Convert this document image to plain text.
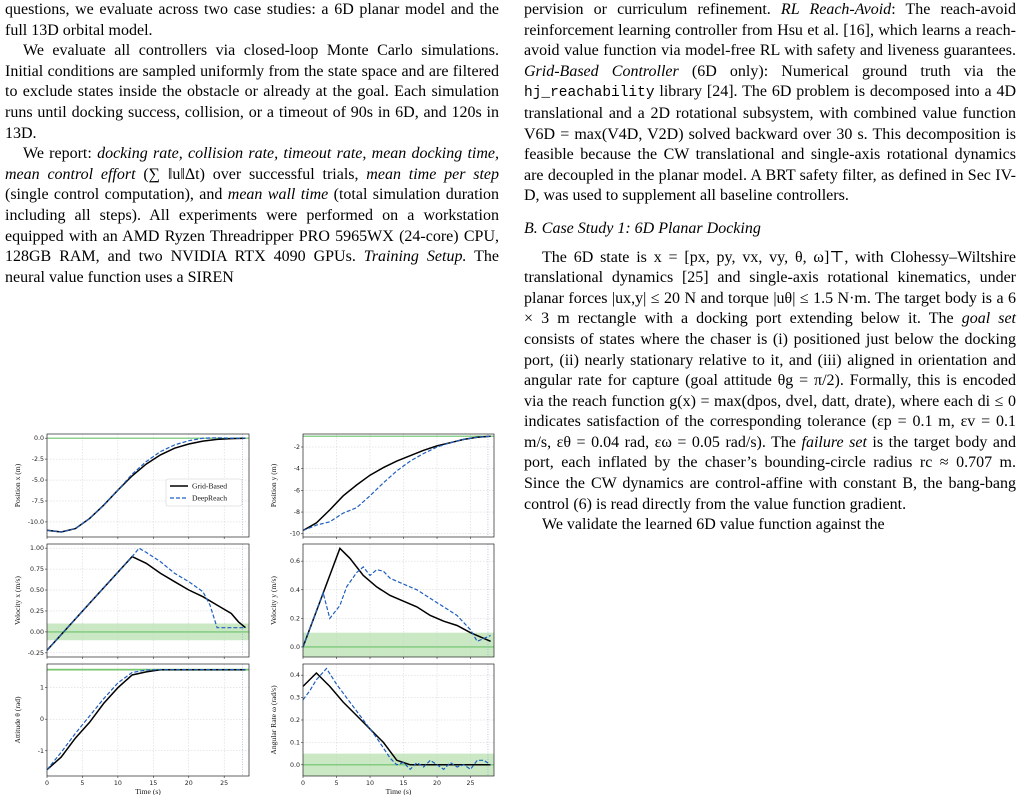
questions, we evaluate across two case studies: a 6D planar model and the full 13D orbital model.

We evaluate all controllers via closed-loop Monte Carlo simulations. Initial conditions are sampled uniformly from the state space and are filtered to exclude states inside the obstacle or already at the goal. Each simulation runs until docking success, collision, or a timeout of 90s in 6D, and 120s in 13D.

We report: docking rate, collision rate, timeout rate, mean docking time, mean control effort (∑ ‖u‖Δt) over successful trials, mean time per step (single control computation), and mean wall time (total simulation duration including all steps). All experiments were performed on a workstation equipped with an AMD Ryzen Threadripper PRO 5965WX (24-core) CPU, 128GB RAM, and two NVIDIA RTX 4090 GPUs. Training Setup. The neural value function uses a SIREN

0.0
-2.5
-5.0
-7.5
-10.0
Position x (m)	Grid-Based
DeepReach
-2
-4
-6
-8
-10
Position y (m)
1.00
0.75
0.50
0.25
0.00
-0.25
Velocity x (m/s)
0.6
0.4
0.2
0.0
Velocity y (m/s)
1
0
-1
0	5	10	15	20	25
Attitude θ (rad)
Time (s)
0.4
0.3
0.2
0.1
0.0
0	5	10	15	20	25
Angular Rate ω (rad/s)
Time (s)

pervision or curriculum refinement. RL Reach-Avoid: The reach-avoid reinforcement learning controller from Hsu et al. [16], which learns a reach-avoid value function via model-free RL with safety and liveness guarantees. Grid-Based Controller (6D only): Numerical ground truth via the hj_reachability library [24]. The 6D problem is decomposed into a 4D translational and a 2D rotational subsystem, with combined value function V6D = max(V4D, V2D) solved backward over 30 s. This decomposition is feasible because the CW translational and single-axis rotational dynamics are decoupled in the planar model. A BRT safety filter, as defined in Sec IV-D, was used to supplement all baseline controllers.

B. Case Study 1: 6D Planar Docking

The 6D state is x = [px, py, vx, vy, θ, ω]⊤, with Clohessy–Wiltshire translational dynamics [25] and single-axis rotational kinematics, under planar forces |ux,y| ≤ 20 N and torque |uθ| ≤ 1.5 N·m. The target body is a 6 × 3 m rectangle with a docking port extending below it. The goal set consists of states where the chaser is (i) positioned just below the docking port, (ii) nearly stationary relative to it, and (iii) aligned in orientation and angular rate for capture (goal attitude θg = π/2). Formally, this is encoded via the reach function g(x) = max(dpos, dvel, datt, drate), where each di ≤ 0 indicates satisfaction of the corresponding tolerance (εp = 0.1 m, εv = 0.1 m/s, εθ = 0.04 rad, εω = 0.05 rad/s). The failure set is the target body and port, each inflated by the chaser’s bounding-circle radius rc ≈ 0.707 m. Since the CW dynamics are control-affine with constant B, the bang-bang control (6) is read directly from the value function gradient.

We validate the learned 6D value function against the
